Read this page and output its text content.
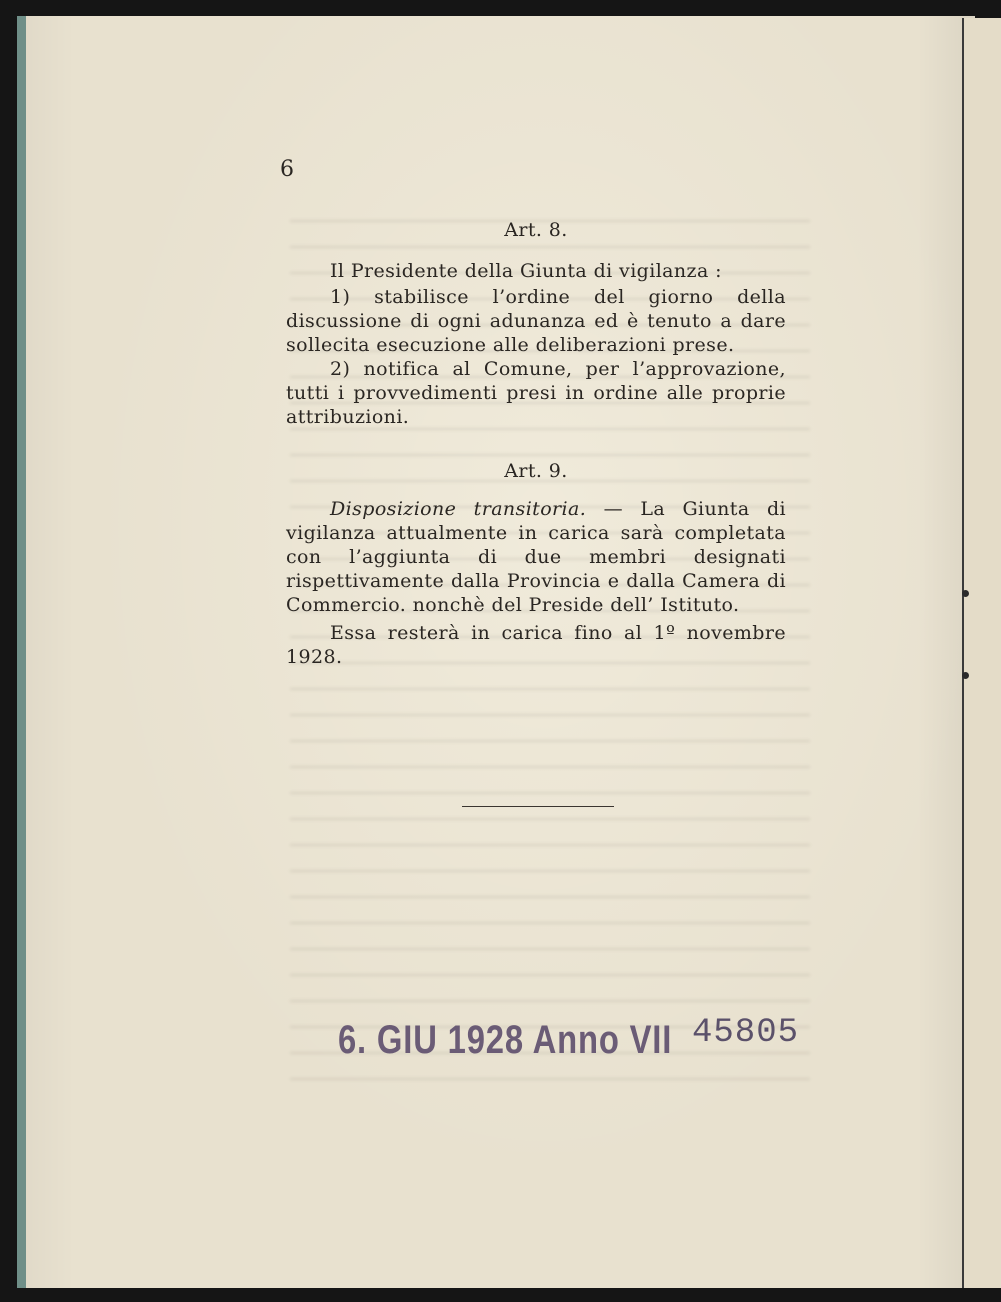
6
Art. 8.
Il Presidente della Giunta di vigilanza :
1) stabilisce l’ordine del giorno della discussione di ogni adunanza ed è tenuto a dare sollecita esecuzione alle deliberazioni prese.
2) notifica al Comune, per l’approvazione, tutti i provvedimenti presi in ordine alle proprie attribuzioni.
Art. 9.
Disposizione transitoria. — La Giunta di vigilanza attualmente in carica sarà completata con l’aggiunta di due membri designati rispettivamente dalla Provincia e dalla Camera di Commercio. nonchè del Preside dell’ Istituto.
Essa resterà in carica fino al 1º novembre 1928.
6. GIU 1928 Anno VII 45805
